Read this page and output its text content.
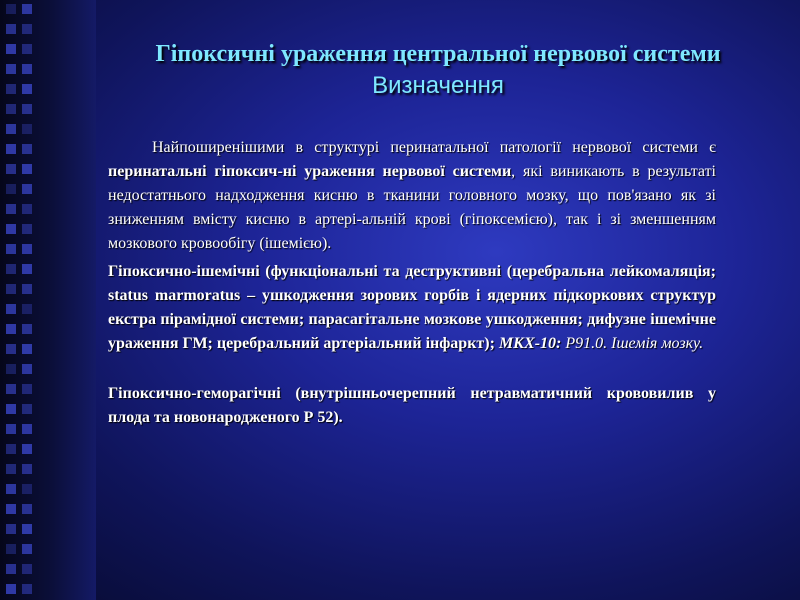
Гіпоксичні ураження центральної нервової системи
Визначення

Найпоширенішими в структурі перинатальної патології нервової системи є перинатальні гіпоксич-ні ураження нервової системи, які виникають в результаті недостатнього надходження кисню в тканини головного мозку, що пов'язано як зі зниженням вмісту кисню в артері-альній крові (гіпоксемією), так і зі зменшенням мозкового кровообігу (ішемією).

Гіпоксично-ішемічні (функціональні та деструктивні (церебральна лейкомаляція; status marmoratus – ушкодження зорових горбів і ядерних підкоркових структур екстра пірамідної системи; парасагітальне мозкове ушкодження; дифузне ішемічне ураження ГМ; церебральний артеріальний інфаркт); МКХ-10: Р91.0. Ішемія мозку.

Гіпоксично-геморагічні (внутрішньочерепний нетравматичний крововилив у плода та новонародженого Р 52).
